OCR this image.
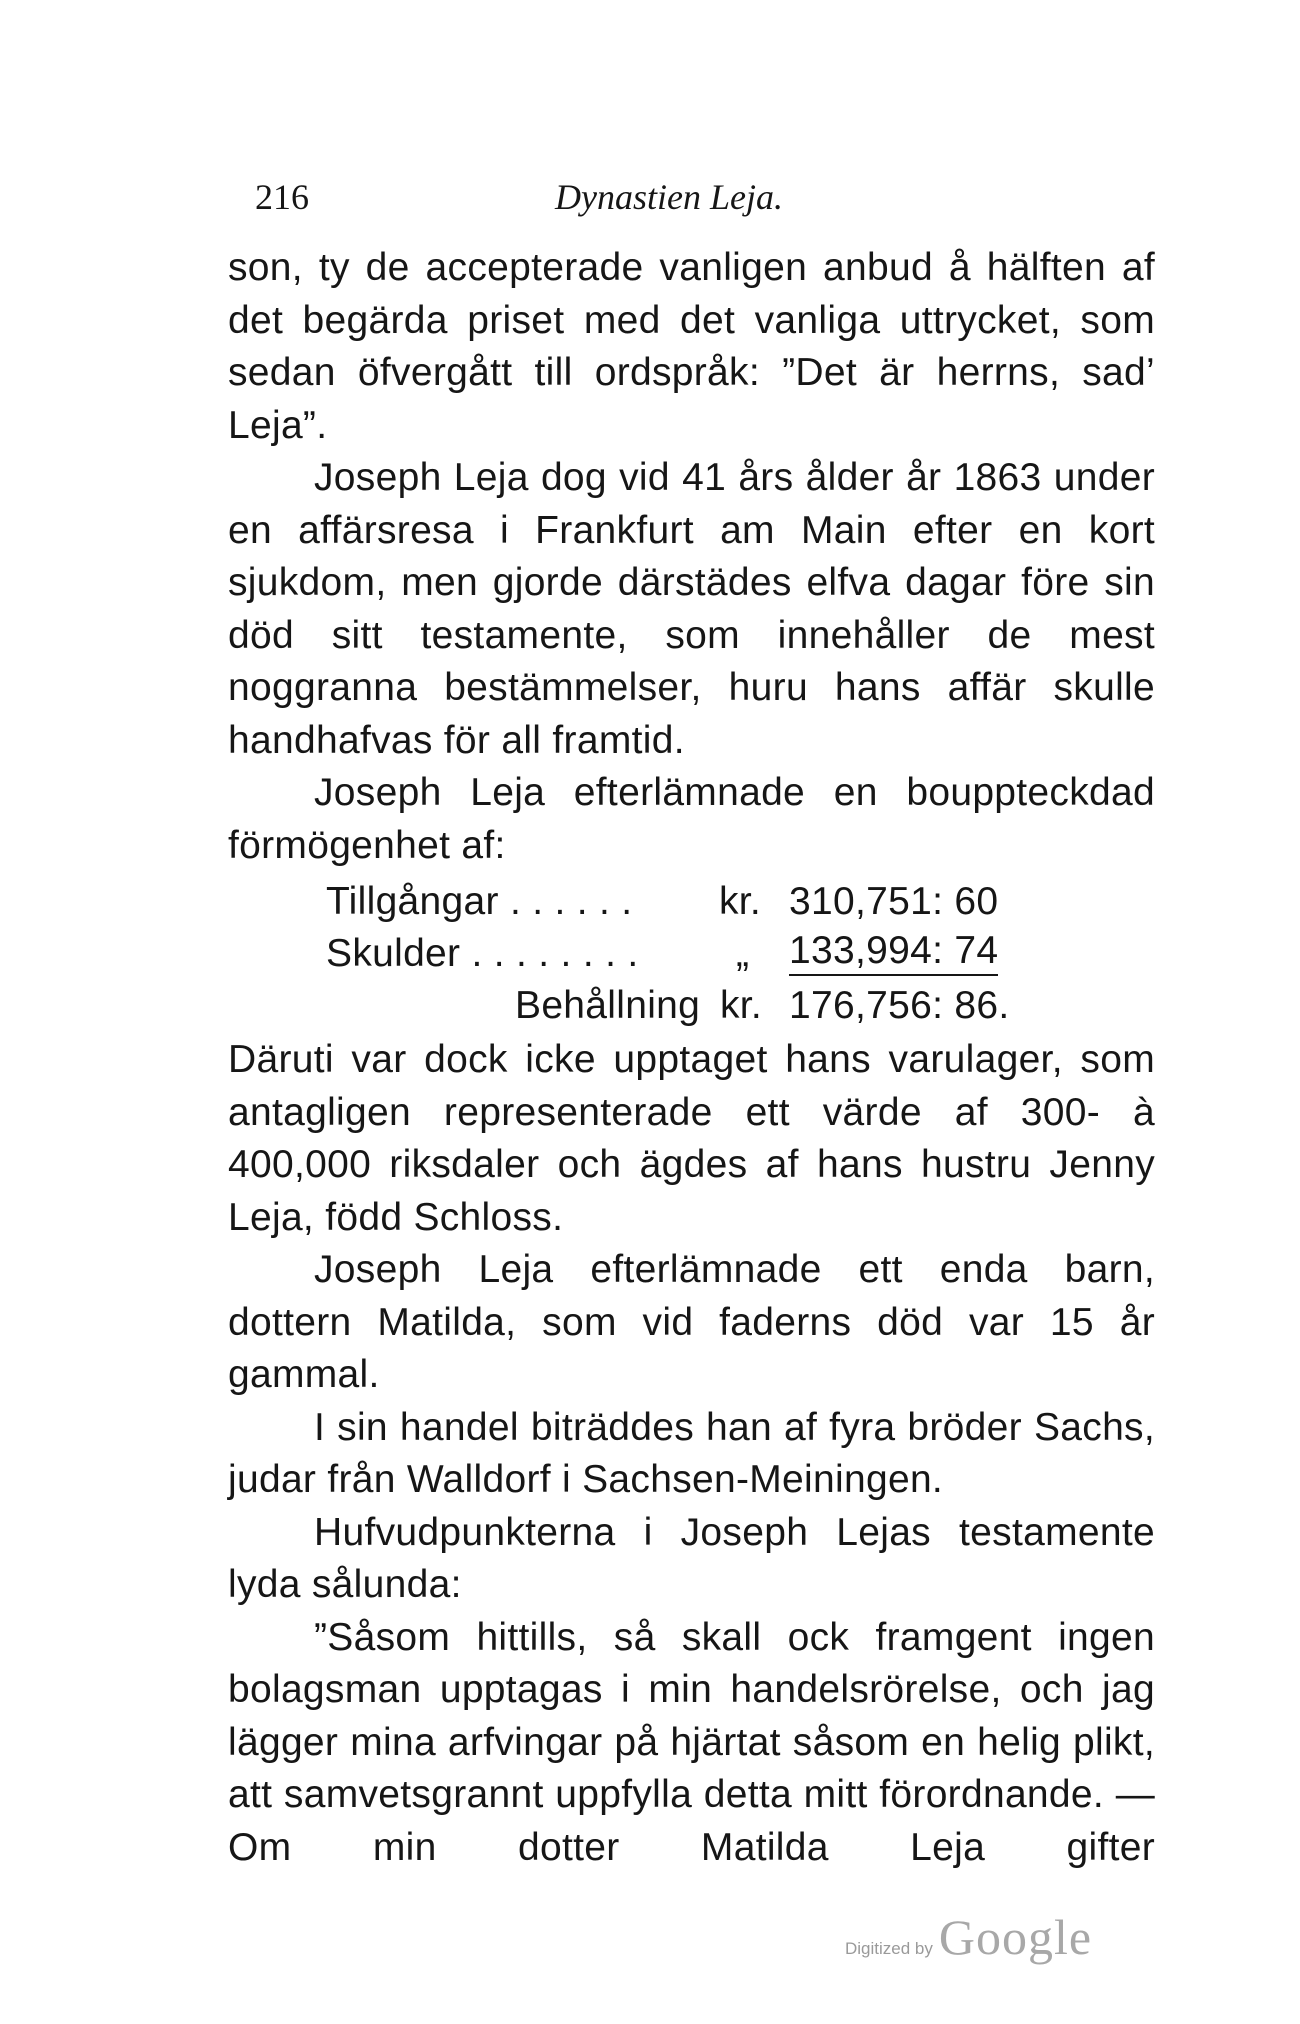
216	Dynastien Leja.

son, ty de accepterade vanligen anbud å hälften af det begärda priset med det vanliga uttrycket, som sedan öfvergått till ordspråk: ”Det är herrns, sad’ Leja”.

Joseph Leja dog vid 41 års ålder år 1863 under en affärsresa i Frankfurt am Main efter en kort sjukdom, men gjorde därstädes elfva dagar före sin död sitt testamente, som innehåller de mest noggranna bestämmelser, huru hans affär skulle handhafvas för all framtid.

Joseph Leja efterlämnade en bouppteckdad förmögenhet af:

Tillgångar . . . . . . kr. 310,751: 60
Skulder . . . . . . . . „ 133,994: 74
Behållning kr. 176,756: 86.

Däruti var dock icke upptaget hans varulager, som antagligen representerade ett värde af 300- à 400,000 riksdaler och ägdes af hans hustru Jenny Leja, född Schloss.

Joseph Leja efterlämnade ett enda barn, dottern Matilda, som vid faderns död var 15 år gammal.

I sin handel biträddes han af fyra bröder Sachs, judar från Walldorf i Sachsen-Meiningen.

Hufvudpunkterna i Joseph Lejas testamente lyda sålunda:

”Såsom hittills, så skall ock framgent ingen bolagsman upptagas i min handelsrörelse, och jag lägger mina arfvingar på hjärtat såsom en helig plikt, att samvetsgrannt uppfylla detta mitt förordnande. — Om min dotter Matilda Leja gifter

Digitized by Google
